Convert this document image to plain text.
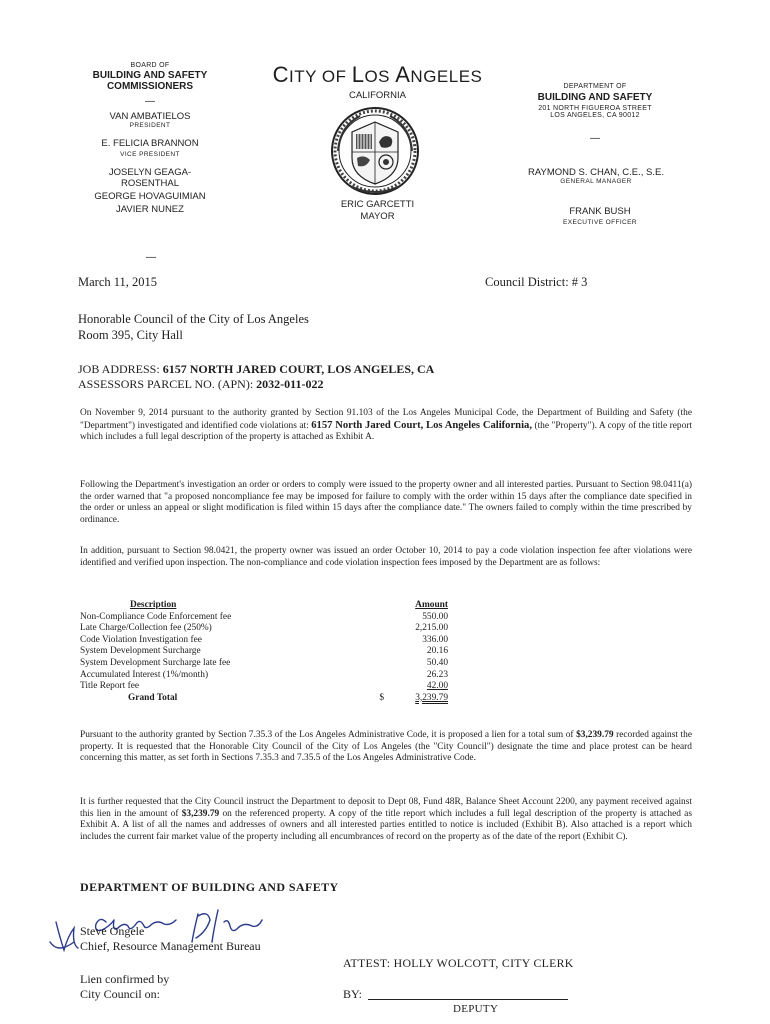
BOARD OF
BUILDING AND SAFETY
COMMISSIONERS
—
VAN AMBATIELOS
PRESIDENT
E. FELICIA BRANNON
VICE PRESIDENT
JOSELYN GEAGA-ROSENTHAL
GEORGE HOVAGUIMIAN
JAVIER NUNEZ
CITY OF LOS ANGELES
CALIFORNIA
ERIC GARCETTI
MAYOR
DEPARTMENT OF
BUILDING AND SAFETY
201 NORTH FIGUEROA STREET
LOS ANGELES, CA 90012
—
RAYMOND S. CHAN, C.E., S.E.
GENERAL MANAGER
FRANK BUSH
EXECUTIVE OFFICER
—
March 11, 2015	Council District: # 3
Honorable Council of the City of Los Angeles
Room 395, City Hall
JOB ADDRESS: 6157 NORTH JARED COURT, LOS ANGELES, CA
ASSESSORS PARCEL NO. (APN): 2032-011-022
On November 9, 2014 pursuant to the authority granted by Section 91.103 of the Los Angeles Municipal Code, the Department of Building and Safety (the "Department") investigated and identified code violations at: 6157 North Jared Court, Los Angeles California, (the "Property"). A copy of the title report which includes a full legal description of the property is attached as Exhibit A.
Following the Department's investigation an order or orders to comply were issued to the property owner and all interested parties. Pursuant to Section 98.0411(a) the order warned that "a proposed noncompliance fee may be imposed for failure to comply with the order within 15 days after the compliance date specified in the order or unless an appeal or slight modification is filed within 15 days after the compliance date." The owners failed to comply within the time prescribed by ordinance.
In addition, pursuant to Section 98.0421, the property owner was issued an order October 10, 2014 to pay a code violation inspection fee after violations were identified and verified upon inspection. The non-compliance and code violation inspection fees imposed by the Department are as follows:
Description		Amount
Non-Compliance Code Enforcement fee		550.00
Late Charge/Collection fee (250%)		2,215.00
Code Violation Investigation fee		336.00
System Development Surcharge		20.16
System Development Surcharge late fee		50.40
Accumulated Interest (1%/month)		26.23
Title Report fee		42.00
Grand Total	$	3,239.79
Pursuant to the authority granted by Section 7.35.3 of the Los Angeles Administrative Code, it is proposed a lien for a total sum of $3,239.79 recorded against the property. It is requested that the Honorable City Council of the City of Los Angeles (the "City Council") designate the time and place protest can be heard concerning this matter, as set forth in Sections 7.35.3 and 7.35.5 of the Los Angeles Administrative Code.
It is further requested that the City Council instruct the Department to deposit to Dept 08, Fund 48R, Balance Sheet Account 2200, any payment received against this lien in the amount of $3,239.79 on the referenced property. A copy of the title report which includes a full legal description of the property is attached as Exhibit A. A list of all the names and addresses of owners and all interested parties entitled to notice is included (Exhibit B). Also attached is a report which includes the current fair market value of the property including all encumbrances of record on the property as of the date of the report (Exhibit C).
DEPARTMENT OF BUILDING AND SAFETY
Steve Ongele
Chief, Resource Management Bureau
ATTEST: HOLLY WOLCOTT, CITY CLERK
Lien confirmed by
City Council on:	BY:
DEPUTY
